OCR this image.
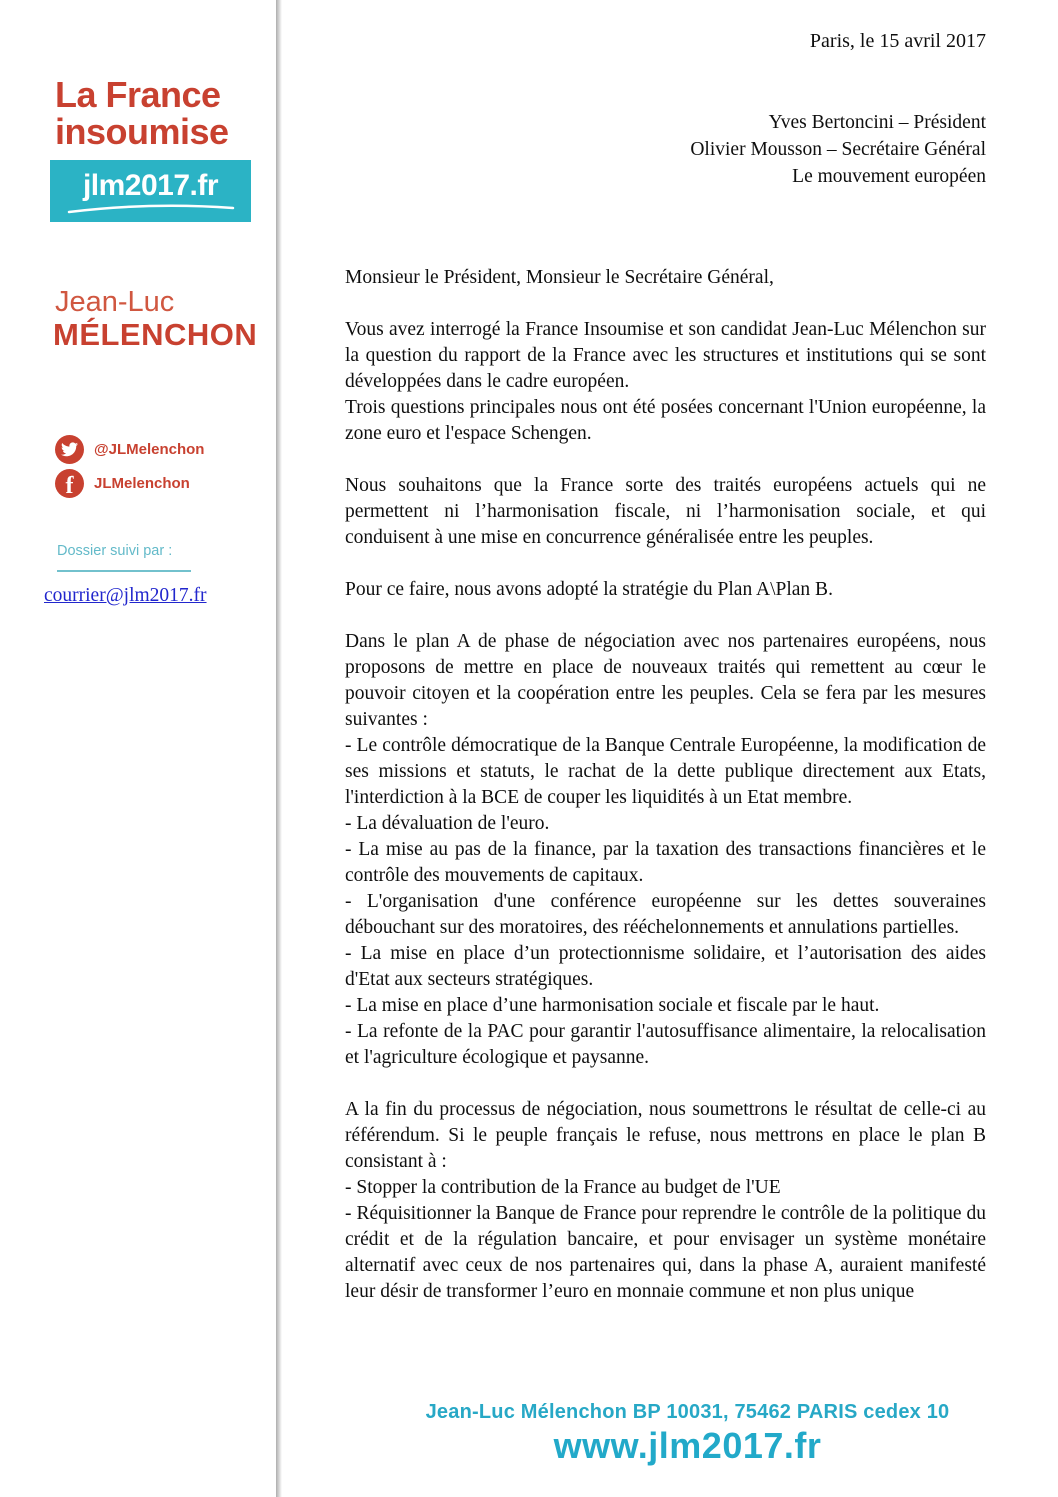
La France
insoumise
jlm2017.fr
Jean-Luc
MÉLENCHON
@JLMelenchon
f JLMelenchon
Dossier suivi par :
courrier@jlm2017.fr
Paris, le 15 avril 2017
Yves Bertoncini – Président
Olivier Mousson – Secrétaire Général
Le mouvement européen

Monsieur le Président, Monsieur le Secrétaire Général,

Vous avez interrogé la France Insoumise et son candidat Jean-Luc Mélenchon sur la question du rapport de la France avec les structures et institutions qui se sont développées dans le cadre européen.

Trois questions principales nous ont été posées concernant l'Union européenne, la zone euro et l'espace Schengen.

Nous souhaitons que la France sorte des traités européens actuels qui ne permettent ni l’harmonisation fiscale, ni l’harmonisation sociale, et qui conduisent à une mise en concurrence généralisée entre les peuples.

Pour ce faire, nous avons adopté la stratégie du Plan A\Plan B.

Dans le plan A de phase de négociation avec nos partenaires européens, nous proposons de mettre en place de nouveaux traités qui remettent au cœur le pouvoir citoyen et la coopération entre les peuples. Cela se fera par les mesures suivantes :

- Le contrôle démocratique de la Banque Centrale Européenne, la modification de ses missions et statuts, le rachat de la dette publique directement aux Etats, l'interdiction à la BCE de couper les liquidités à un Etat membre.

- La dévaluation de l'euro.

- La mise au pas de la finance, par la taxation des transactions financières et le contrôle des mouvements de capitaux.

- L'organisation d'une conférence européenne sur les dettes souveraines débouchant sur des moratoires, des rééchelonnements et annulations partielles.

- La mise en place d’un protectionnisme solidaire, et l’autorisation des aides d'Etat aux secteurs stratégiques.

- La mise en place d’une harmonisation sociale et fiscale par le haut.

- La refonte de la PAC pour garantir l'autosuffisance alimentaire, la relocalisation et l'agriculture écologique et paysanne.

A la fin du processus de négociation, nous soumettrons le résultat de celle-ci au référendum. Si le peuple français le refuse, nous mettrons en place le plan B consistant à :

- Stopper la contribution de la France au budget de l'UE

- Réquisitionner la Banque de France pour reprendre le contrôle de la politique du crédit et de la régulation bancaire, et pour envisager un système monétaire alternatif avec ceux de nos partenaires qui, dans la phase A, auraient manifesté leur désir de transformer l’euro en monnaie commune et non plus unique

Jean-Luc Mélenchon BP 10031, 75462 PARIS cedex 10
www.jlm2017.fr
